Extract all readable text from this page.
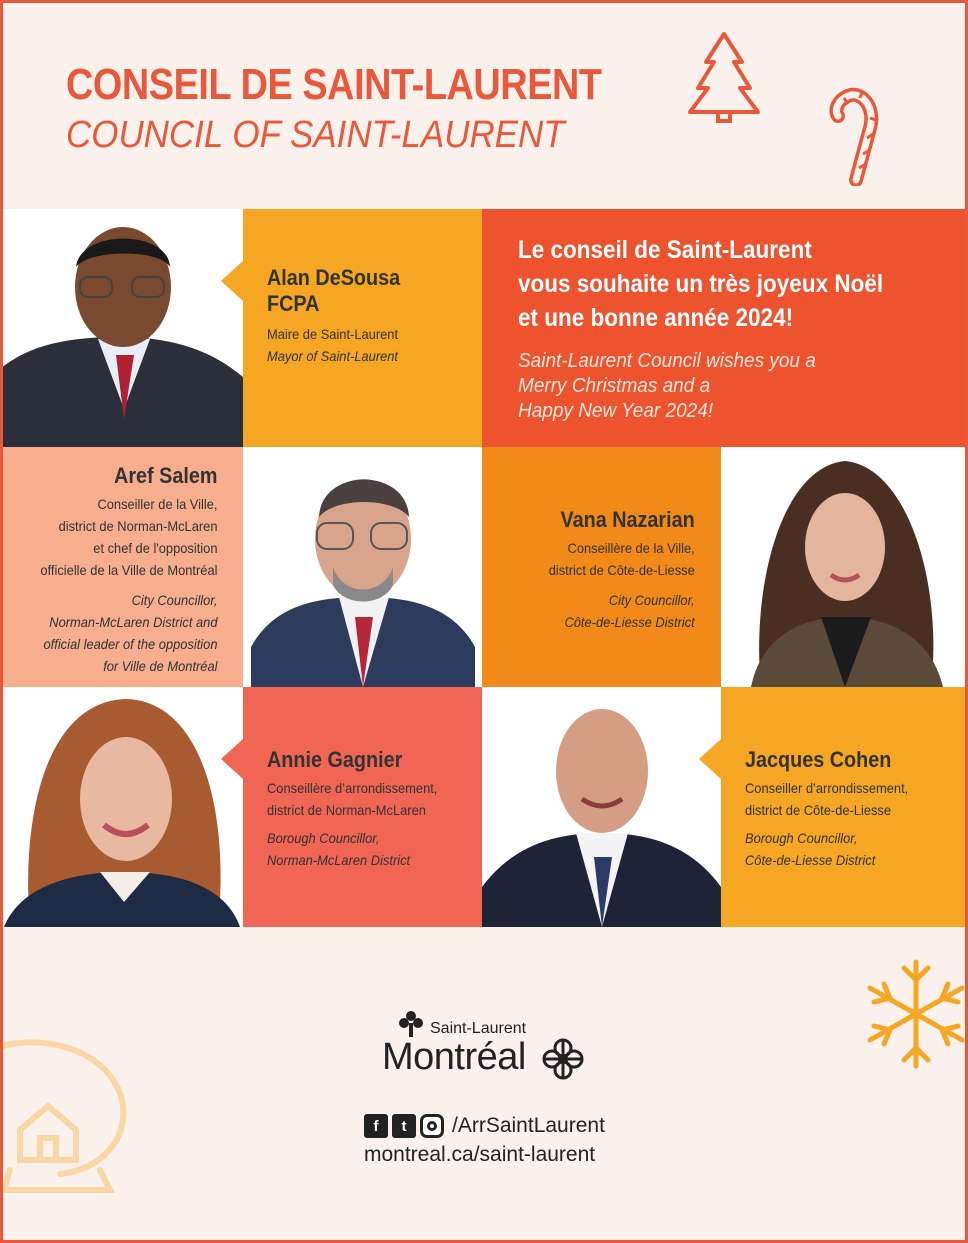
CONSEIL DE SAINT-LAURENT
COUNCIL OF SAINT-LAURENT
Alan DeSousa
FCPA
Maire de Saint-Laurent
Mayor of Saint-Laurent
Le conseil de Saint-Laurent
vous souhaite un très joyeux Noël
et une bonne année 2024!
Saint-Laurent Council wishes you a
Merry Christmas and a
Happy New Year 2024!
Aref Salem
Conseiller de la Ville,
district de Norman-McLaren
et chef de l'opposition
officielle de la Ville de Montréal
City Councillor,
Norman-McLaren District and
official leader of the opposition
for Ville de Montréal
Vana Nazarian
Conseillère de la Ville,
district de Côte-de-Liesse
City Councillor,
Côte-de-Liesse District
Annie Gagnier
Conseillère d’arrondissement,
district de Norman-McLaren
Borough Councillor,
Norman-McLaren District
Jacques Cohen
Conseiller d’arrondissement,
district de Côte-de-Liesse
Borough Councillor,
Côte-de-Liesse District
Saint-Laurent
Montréal
f	t	/ArrSaintLaurent
montreal.ca/saint-laurent
